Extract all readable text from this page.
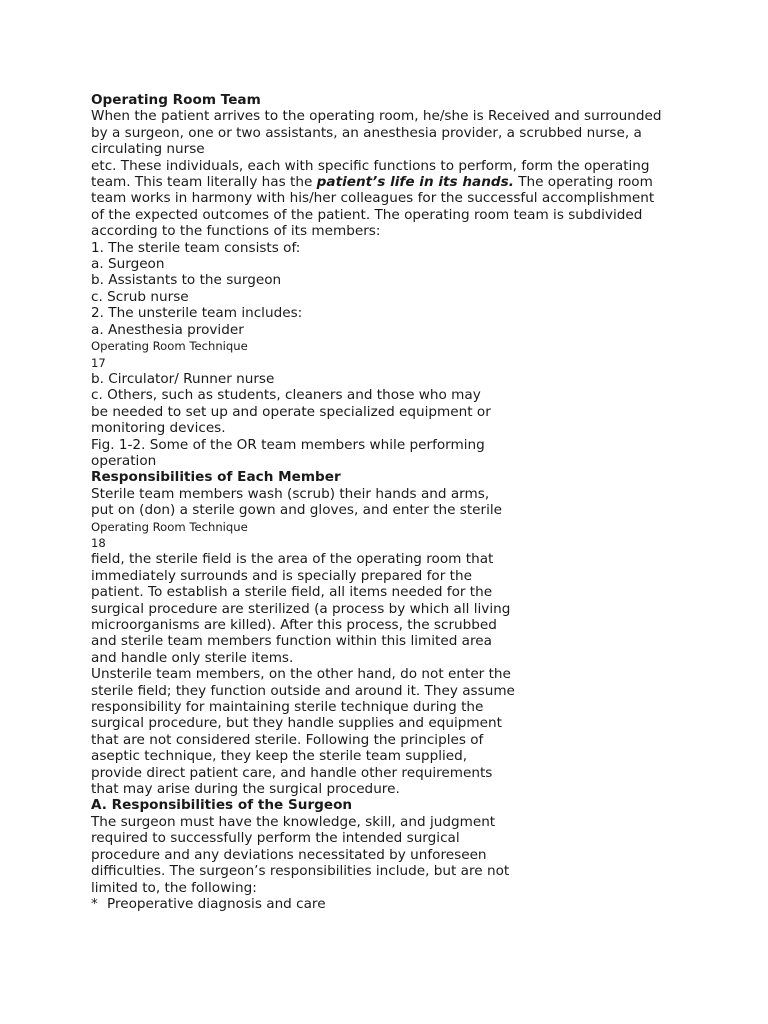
Operating Room Team
When the patient arrives to the operating room, he/she is Received and surrounded
by a surgeon, one or two assistants, an anesthesia provider, a scrubbed nurse, a
circulating nurse
etc. These individuals, each with specific functions to perform, form the operating
team. This team literally has the patient’s life in its hands. The operating room
team works in harmony with his/her colleagues for the successful accomplishment
of the expected outcomes of the patient. The operating room team is subdivided
according to the functions of its members:
1. The sterile team consists of:
a. Surgeon
b. Assistants to the surgeon
c. Scrub nurse
2. The unsterile team includes:
a. Anesthesia provider
Operating Room Technique
17
b. Circulator/ Runner nurse
c. Others, such as students, cleaners and those who may
be needed to set up and operate specialized equipment or
monitoring devices.
Fig. 1-2. Some of the OR team members while performing
operation
Responsibilities of Each Member
Sterile team members wash (scrub) their hands and arms,
put on (don) a sterile gown and gloves, and enter the sterile
Operating Room Technique
18
field, the sterile field is the area of the operating room that
immediately surrounds and is specially prepared for the
patient. To establish a sterile field, all items needed for the
surgical procedure are sterilized (a process by which all living
microorganisms are killed). After this process, the scrubbed
and sterile team members function within this limited area
and handle only sterile items.
Unsterile team members, on the other hand, do not enter the
sterile field; they function outside and around it. They assume
responsibility for maintaining sterile technique during the
surgical procedure, but they handle supplies and equipment
that are not considered sterile. Following the principles of
aseptic technique, they keep the sterile team supplied,
provide direct patient care, and handle other requirements
that may arise during the surgical procedure.
A. Responsibilities of the Surgeon
The surgeon must have the knowledge, skill, and judgment
required to successfully perform the intended surgical
procedure and any deviations necessitated by unforeseen
difficulties. The surgeon’s responsibilities include, but are not
limited to, the following:
* Preoperative diagnosis and care
